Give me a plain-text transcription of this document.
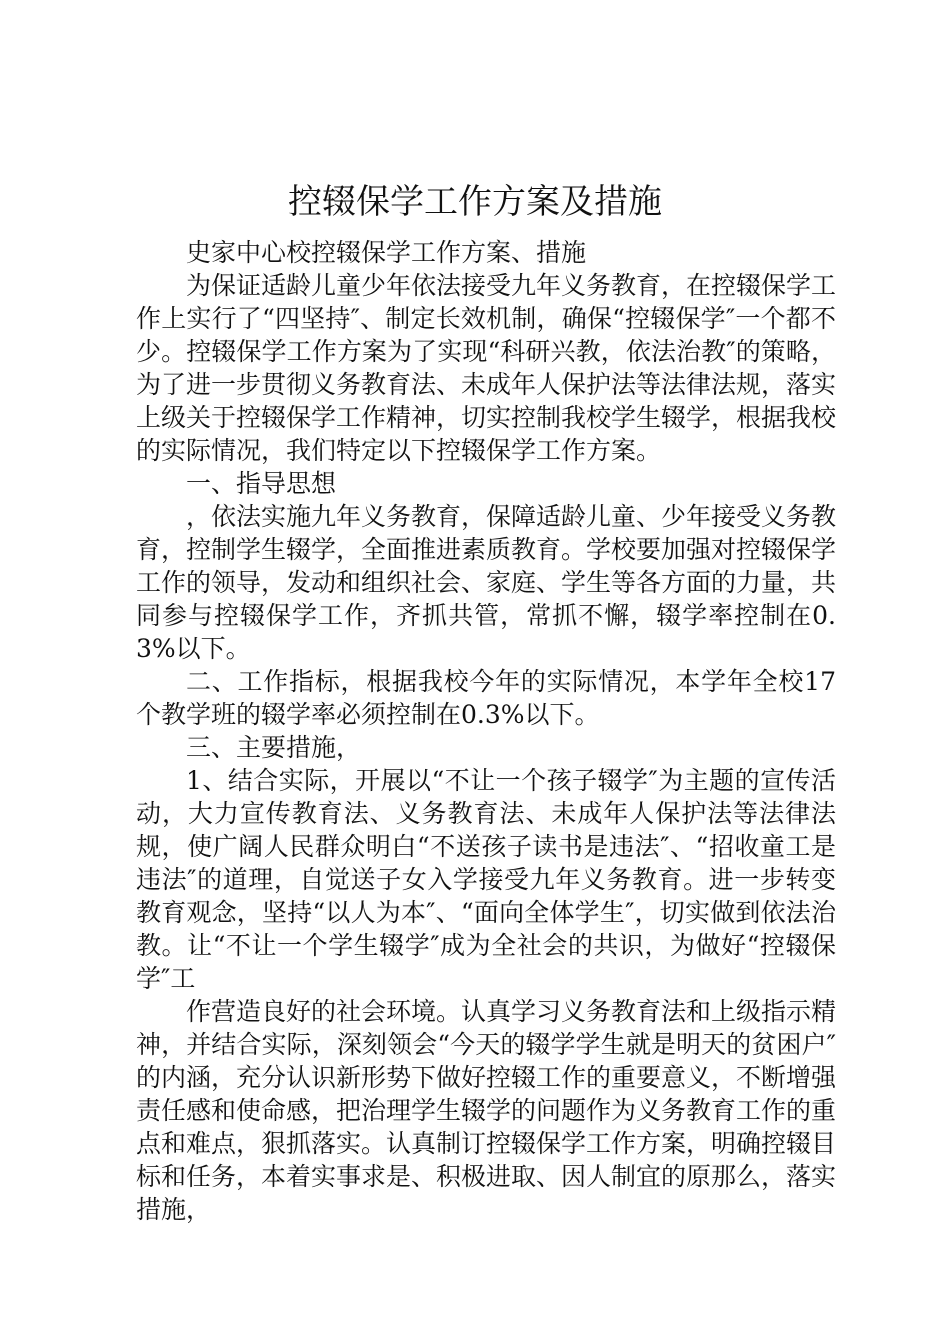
控辍保学工作方案及措施

史家中心校控辍保学工作方案、措施

为保证适龄儿童少年依法接受九年义务教育，在控辍保学工作上实行了“四坚持″、制定长效机制，确保“控辍保学″一个都不少。控辍保学工作方案为了实现“科研兴教，依法治教″的策略，为了进一步贯彻义务教育法、未成年人保护法等法律法规，落实上级关于控辍保学工作精神，切实控制我校学生辍学，根据我校的实际情况，我们特定以下控辍保学工作方案。

一、指导思想

，依法实施九年义务教育，保障适龄儿童、少年接受义务教育，控制学生辍学，全面推进素质教育。学校要加强对控辍保学工作的领导，发动和组织社会、家庭、学生等各方面的力量，共同参与控辍保学工作，齐抓共管，常抓不懈，辍学率控制在0.3%以下。

二、工作指标，根据我校今年的实际情况，本学年全校17个教学班的辍学率必须控制在0.3%以下。

三、主要措施，

1、结合实际，开展以“不让一个孩子辍学″为主题的宣传活动，大力宣传教育法、义务教育法、未成年人保护法等法律法规，使广阔人民群众明白“不送孩子读书是违法″、“招收童工是违法″的道理，自觉送子女入学接受九年义务教育。进一步转变教育观念，坚持“以人为本″、“面向全体学生″，切实做到依法治教。让“不让一个学生辍学″成为全社会的共识，为做好“控辍保学″工

作营造良好的社会环境。认真学习义务教育法和上级指示精神，并结合实际，深刻领会“今天的辍学学生就是明天的贫困户″的内涵，充分认识新形势下做好控辍工作的重要意义，不断增强责任感和使命感，把治理学生辍学的问题作为义务教育工作的重点和难点，狠抓落实。认真制订控辍保学工作方案，明确控辍目标和任务，本着实事求是、积极进取、因人制宜的原那么，落实措施，
